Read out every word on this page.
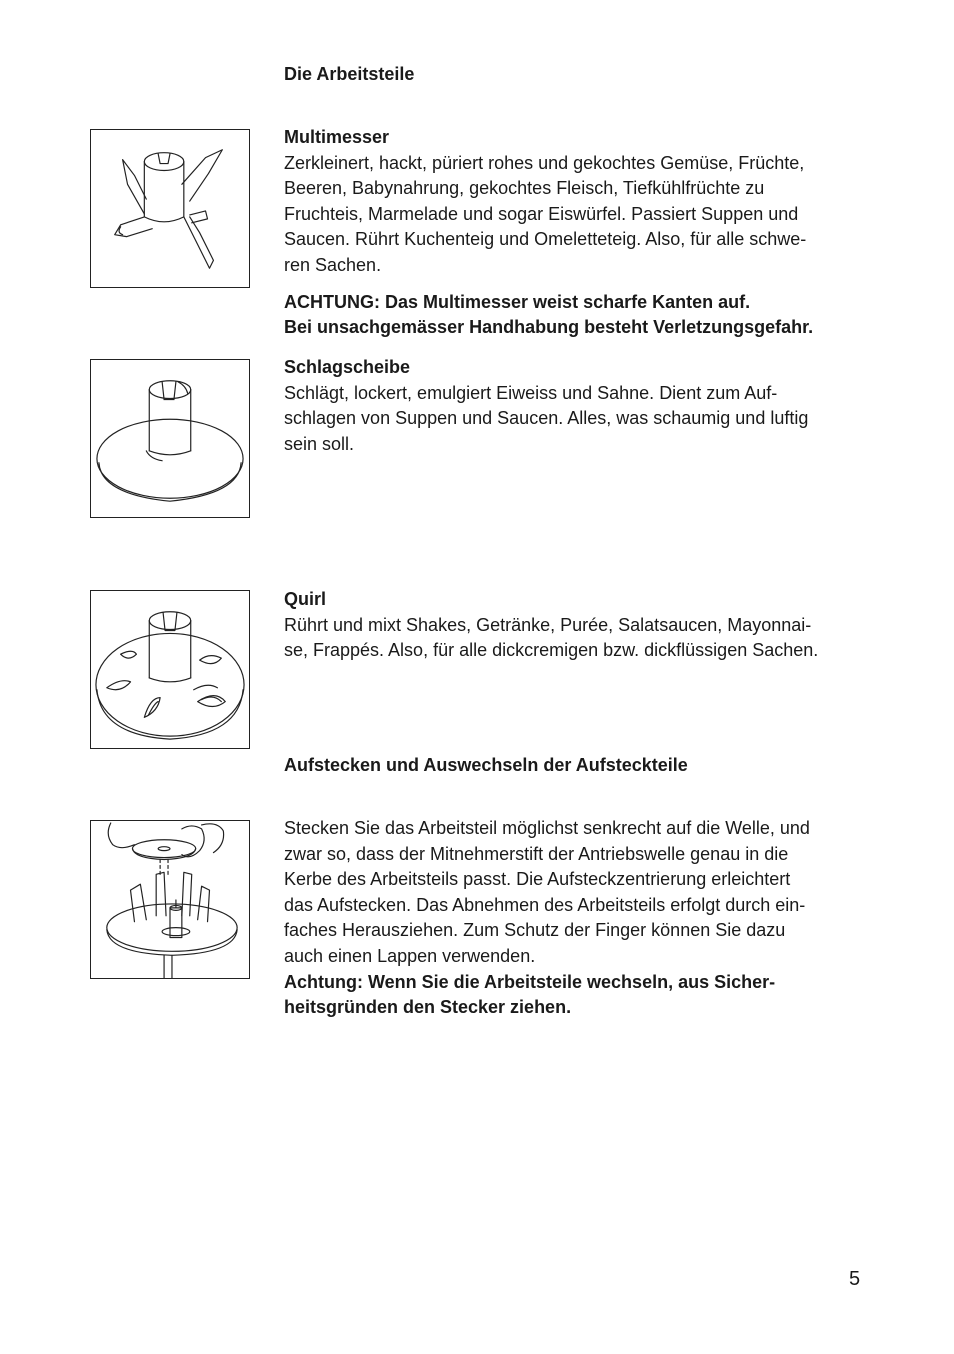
Die Arbeitsteile
Multimesser
Zerkleinert, hackt, püriert rohes und gekochtes Gemüse, Früchte,
Beeren, Babynahrung, gekochtes Fleisch, Tiefkühlfrüchte zu
Fruchteis, Marmelade und sogar Eiswürfel. Passiert Suppen und
Saucen. Rührt Kuchenteig und Omeletteteig. Also, für alle schwe-
ren Sachen.
ACHTUNG: Das Multimesser weist scharfe Kanten auf.
Bei unsachgemässer Handhabung besteht Verletzungsgefahr.
Schlagscheibe
Schlägt, lockert, emulgiert Eiweiss und Sahne. Dient zum Auf-
schlagen von Suppen und Saucen. Alles, was schaumig und luftig
sein soll.
Quirl
Rührt und mixt Shakes, Getränke, Purée, Salatsaucen, Mayonnai-
se, Frappés. Also, für alle dickcremigen bzw. dickflüssigen Sachen.
Aufstecken und Auswechseln der Aufsteckteile
Stecken Sie das Arbeitsteil möglichst senkrecht auf die Welle, und
zwar so, dass der Mitnehmerstift der Antriebswelle genau in die
Kerbe des Arbeitsteils passt. Die Aufsteckzentrierung erleichtert
das Aufstecken. Das Abnehmen des Arbeitsteils erfolgt durch ein-
faches Herausziehen. Zum Schutz der Finger können Sie dazu
auch einen Lappen verwenden.
Achtung: Wenn Sie die Arbeitsteile wechseln, aus Sicher-
heitsgründen den Stecker ziehen.
5
